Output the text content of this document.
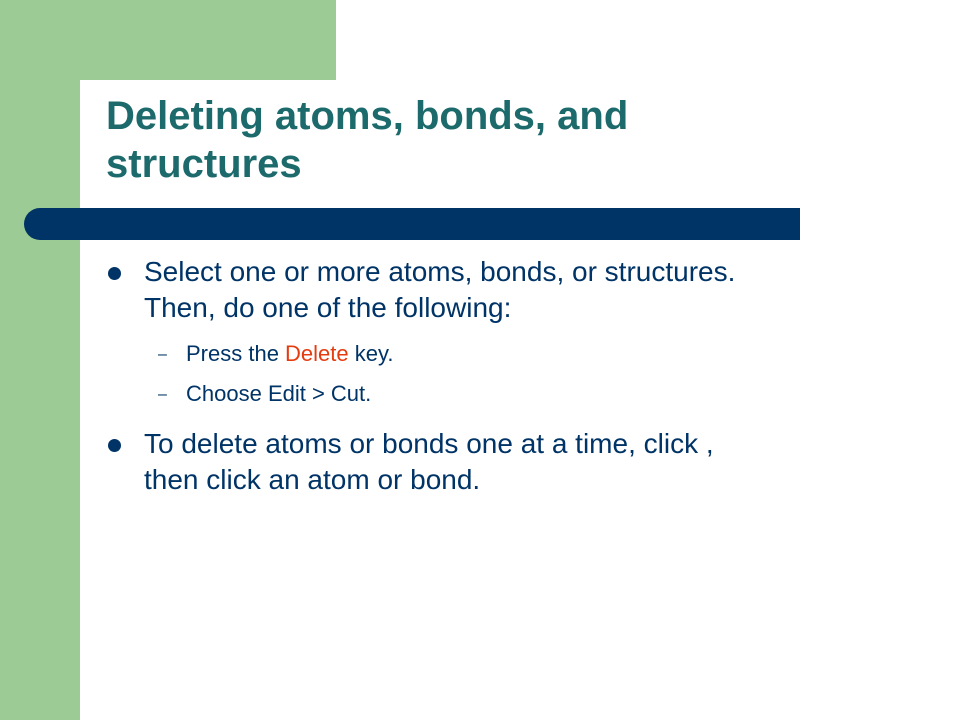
Deleting atoms, bonds, and
structures
Select one or more atoms, bonds, or structures.
Then, do one of the following:
– Press the Delete key.
– Choose Edit > Cut.
To delete atoms or bonds one at a time, click ,
then click an atom or bond.
